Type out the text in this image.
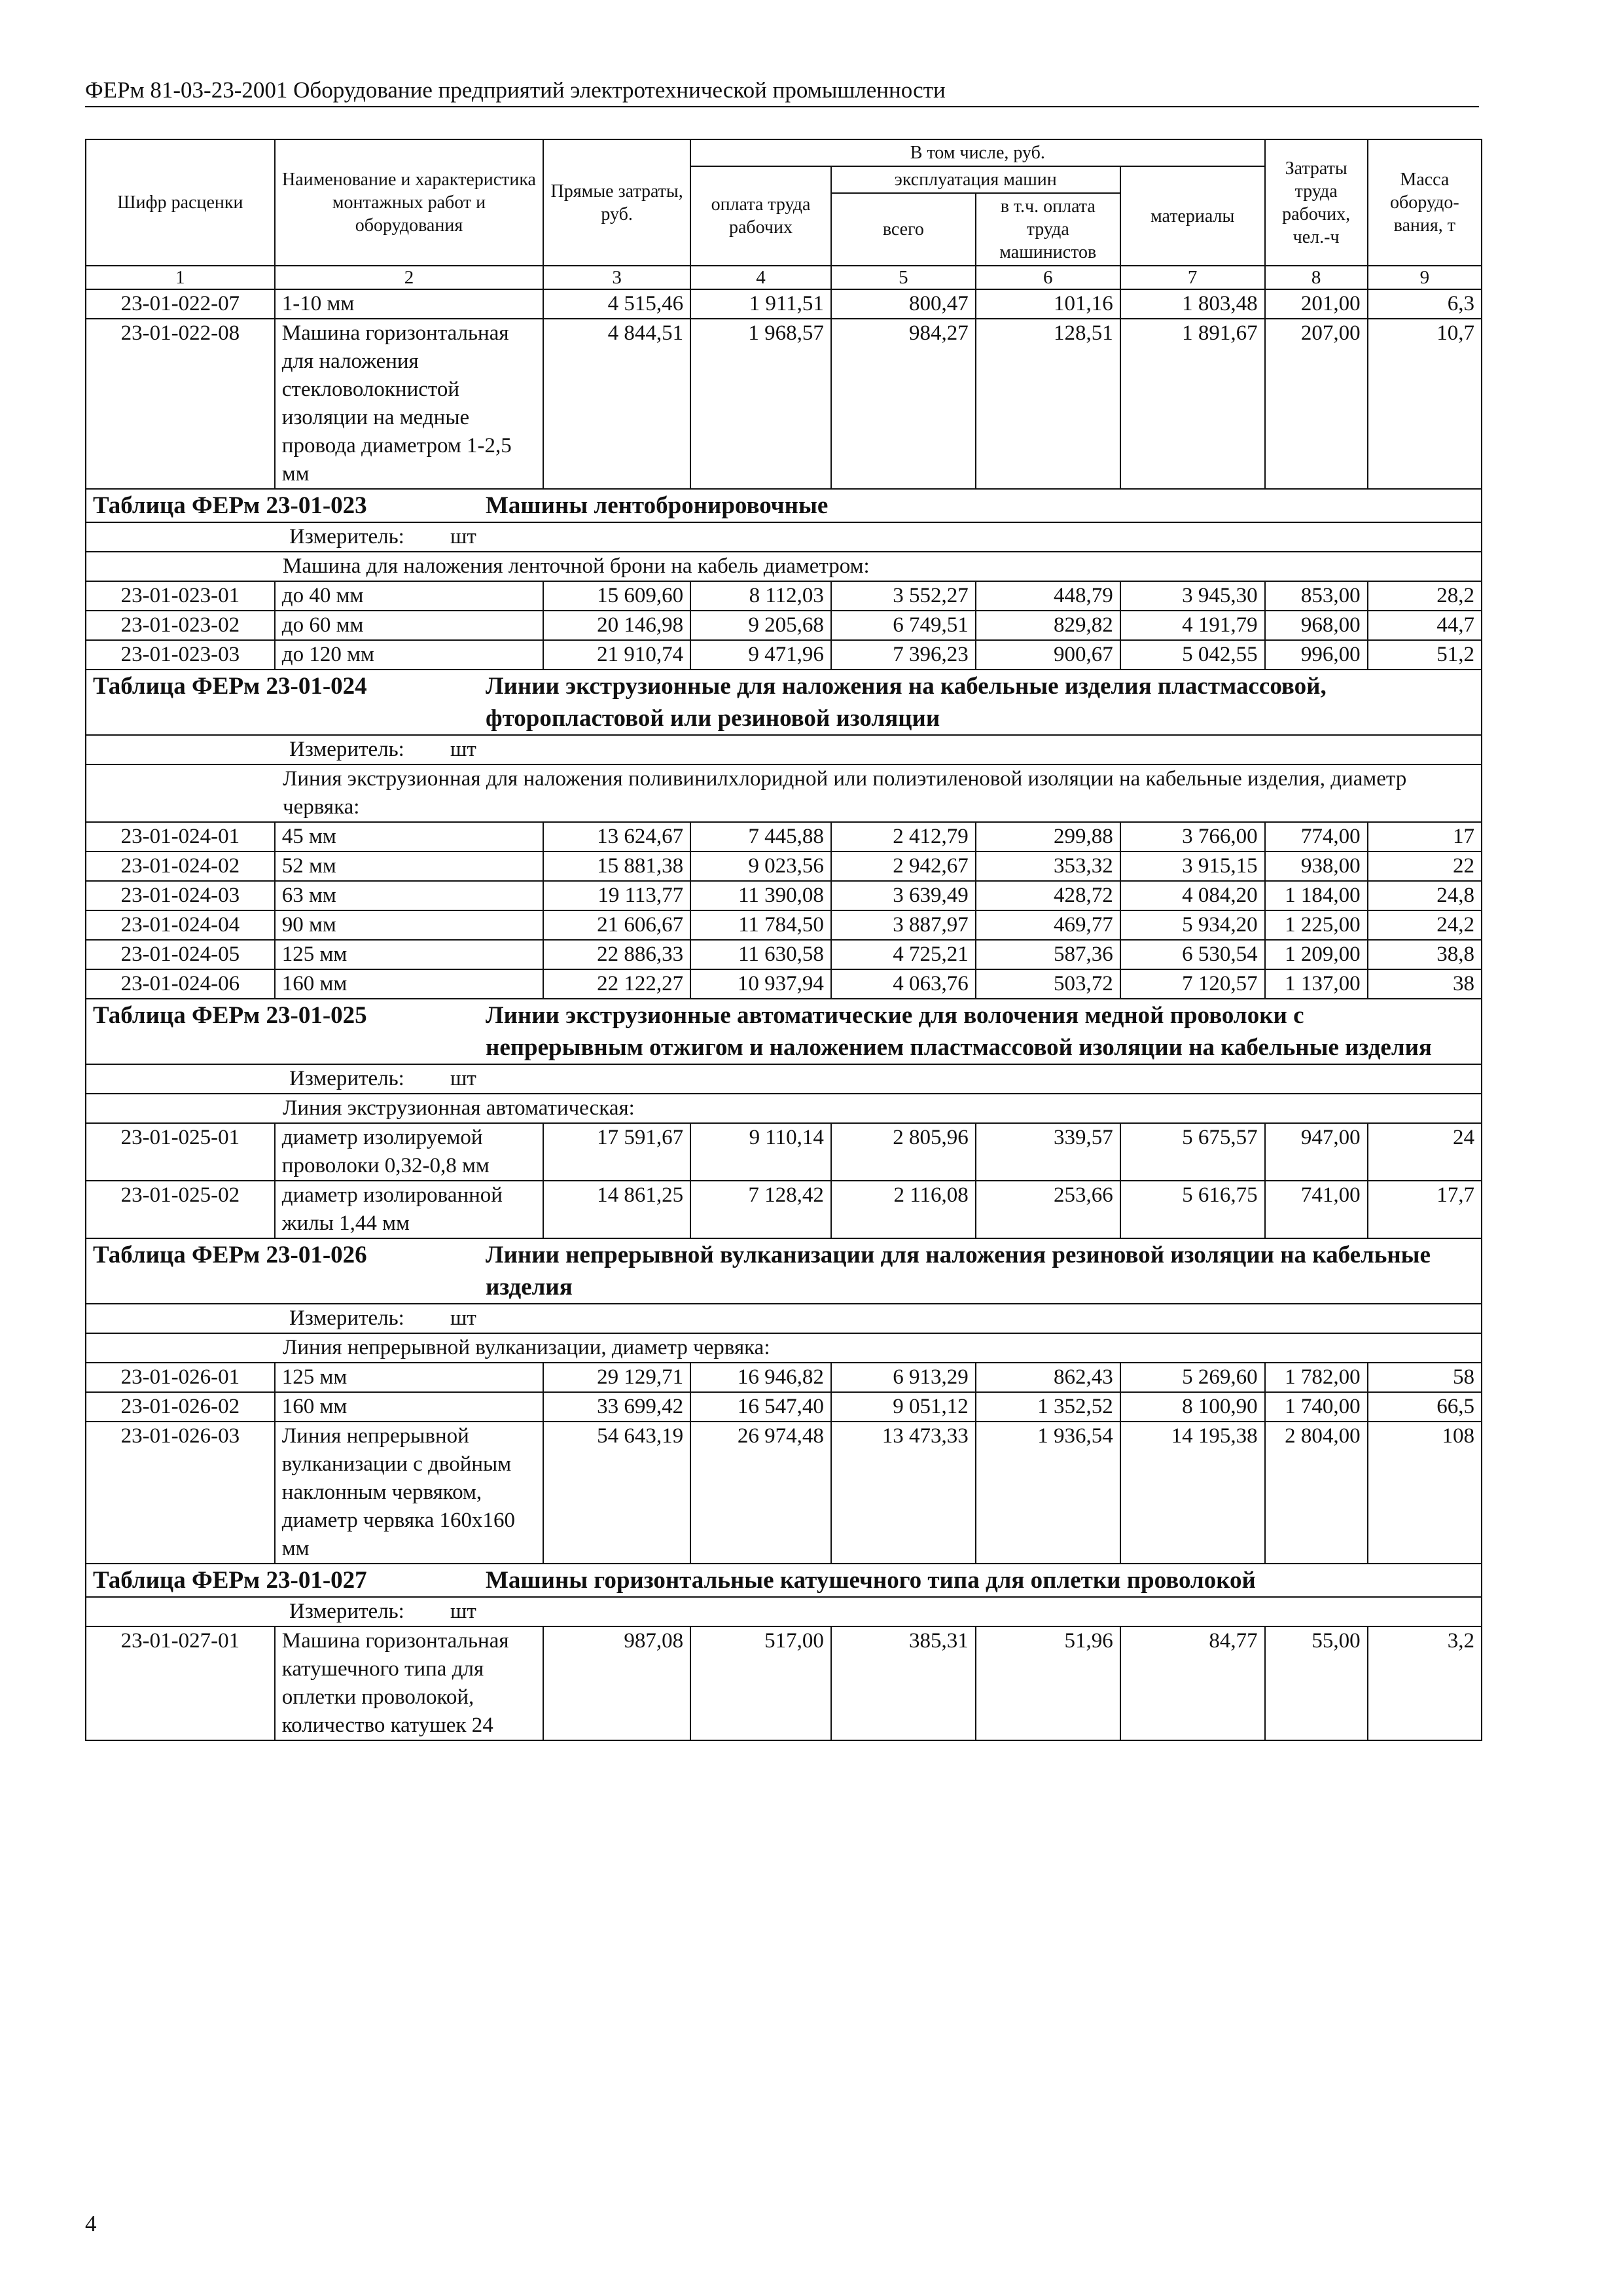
ФЕРм 81-03-23-2001 Оборудование предприятий электротехнической промышленности
Шифр расценки	Наименование и характеристика монтажных работ и оборудования	Прямые затраты, руб.	В том числе, руб.				Затраты труда рабочих, чел.-ч	Масса оборудо-вания, т
			оплата труда рабочих	эксплуатация машин		материалы		
				всего	в т.ч. оплата труда машинистов			
1	2	3	4	5	6	7	8	9
23-01-022-07	1-10 мм	4 515,46	1 911,51	800,47	101,16	1 803,48	201,00	6,3
23-01-022-08	Машина горизонтальная для наложения стекловолокнистой изоляции на медные провода диаметром 1-2,5 мм	4 844,51	1 968,57	984,27	128,51	1 891,67	207,00	10,7
Таблица ФЕРм 23-01-023 Машины лентобронировочные								
Измеритель: шт								
Машина для наложения ленточной брони на кабель диаметром:								
23-01-023-01	до 40 мм	15 609,60	8 112,03	3 552,27	448,79	3 945,30	853,00	28,2
23-01-023-02	до 60 мм	20 146,98	9 205,68	6 749,51	829,82	4 191,79	968,00	44,7
23-01-023-03	до 120 мм	21 910,74	9 471,96	7 396,23	900,67	5 042,55	996,00	51,2
Таблица ФЕРм 23-01-024 Линии экструзионные для наложения на кабельные изделия пластмассовой, фторопластовой или резиновой изоляции								
Измеритель: шт								
Линия экструзионная для наложения поливинилхлоридной или полиэтиленовой изоляции на кабельные изделия, диаметр червяка:								
23-01-024-01	45 мм	13 624,67	7 445,88	2 412,79	299,88	3 766,00	774,00	17
23-01-024-02	52 мм	15 881,38	9 023,56	2 942,67	353,32	3 915,15	938,00	22
23-01-024-03	63 мм	19 113,77	11 390,08	3 639,49	428,72	4 084,20	1 184,00	24,8
23-01-024-04	90 мм	21 606,67	11 784,50	3 887,97	469,77	5 934,20	1 225,00	24,2
23-01-024-05	125 мм	22 886,33	11 630,58	4 725,21	587,36	6 530,54	1 209,00	38,8
23-01-024-06	160 мм	22 122,27	10 937,94	4 063,76	503,72	7 120,57	1 137,00	38
Таблица ФЕРм 23-01-025 Линии экструзионные автоматические для волочения медной проволоки с непрерывным отжигом и наложением пластмассовой изоляции на кабельные изделия								
Измеритель: шт								
Линия экструзионная автоматическая:								
23-01-025-01	диаметр изолируемой проволоки 0,32-0,8 мм	17 591,67	9 110,14	2 805,96	339,57	5 675,57	947,00	24
23-01-025-02	диаметр изолированной жилы 1,44 мм	14 861,25	7 128,42	2 116,08	253,66	5 616,75	741,00	17,7
Таблица ФЕРм 23-01-026 Линии непрерывной вулканизации для наложения резиновой изоляции на кабельные изделия								
Измеритель: шт								
Линия непрерывной вулканизации, диаметр червяка:								
23-01-026-01	125 мм	29 129,71	16 946,82	6 913,29	862,43	5 269,60	1 782,00	58
23-01-026-02	160 мм	33 699,42	16 547,40	9 051,12	1 352,52	8 100,90	1 740,00	66,5
23-01-026-03	Линия непрерывной вулканизации с двойным наклонным червяком, диаметр червяка 160х160 мм	54 643,19	26 974,48	13 473,33	1 936,54	14 195,38	2 804,00	108
Таблица ФЕРм 23-01-027 Машины горизонтальные катушечного типа для оплетки проволокой								
Измеритель: шт								
23-01-027-01	Машина горизонтальная катушечного типа для оплетки проволокой, количество катушек 24	987,08	517,00	385,31	51,96	84,77	55,00	3,2
4
